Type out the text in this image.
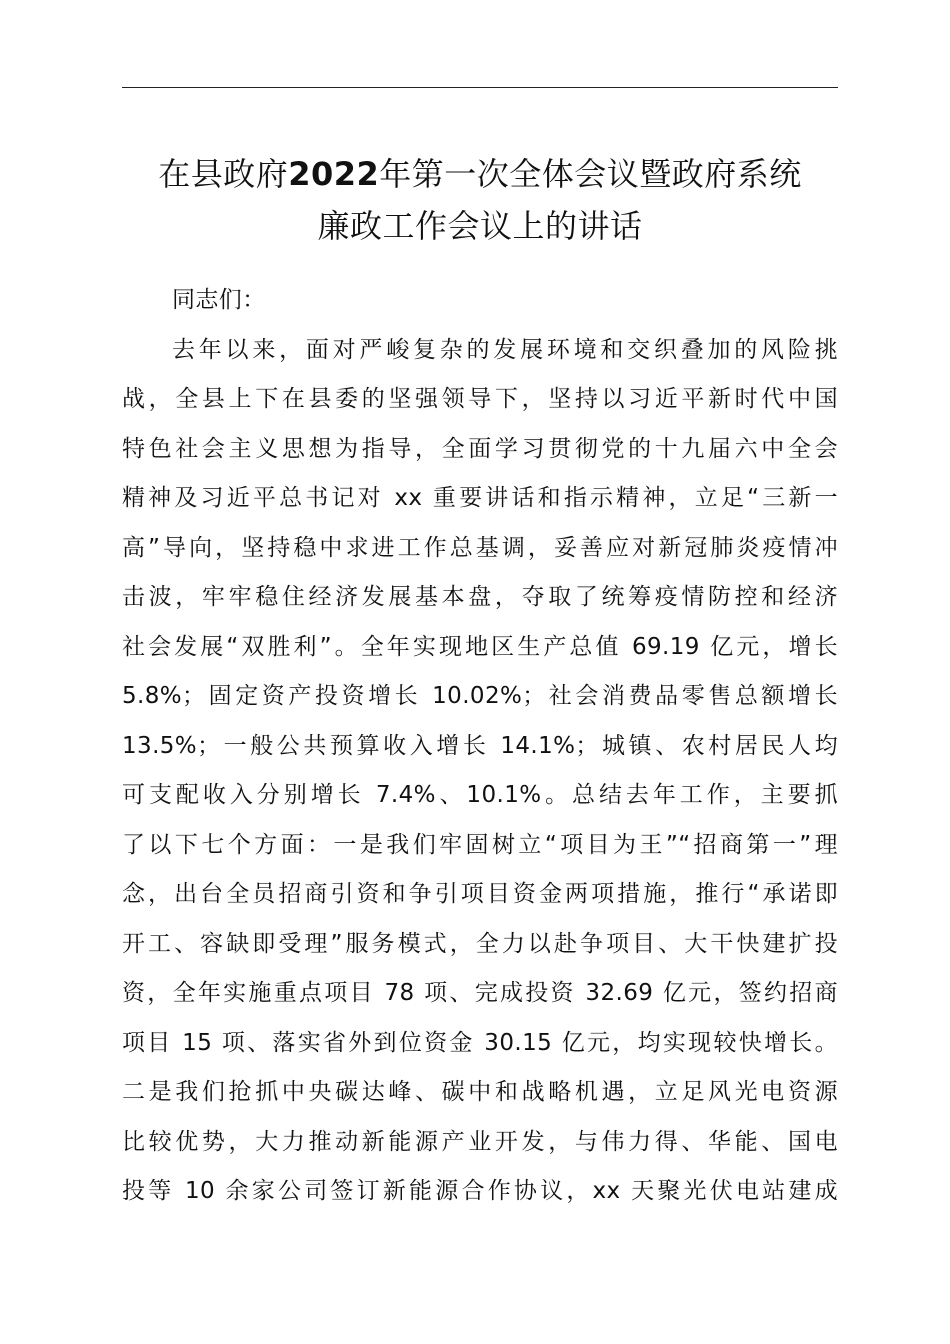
在县政府2022年第一次全体会议暨政府系统
廉政工作会议上的讲话
同志们：
去年以来，面对严峻复杂的发展环境和交织叠加的风险挑
战，全县上下在县委的坚强领导下，坚持以习近平新时代中国
特色社会主义思想为指导，全面学习贯彻党的十九届六中全会
精神及习近平总书记对 xx 重要讲话和指示精神，立足“三新一
高”导向，坚持稳中求进工作总基调，妥善应对新冠肺炎疫情冲
击波，牢牢稳住经济发展基本盘，夺取了统筹疫情防控和经济
社会发展“双胜利”。全年实现地区生产总值 69.19 亿元，增长
5.8%；固定资产投资增长 10.02%；社会消费品零售总额增长
13.5%；一般公共预算收入增长 14.1%；城镇、农村居民人均
可支配收入分别增长 7.4%、10.1%。总结去年工作，主要抓
了以下七个方面：一是我们牢固树立“项目为王”“招商第一”理
念，出台全员招商引资和争引项目资金两项措施，推行“承诺即
开工、容缺即受理”服务模式，全力以赴争项目、大干快建扩投
资，全年实施重点项目 78 项、完成投资 32.69 亿元，签约招商
项目 15 项、落实省外到位资金 30.15 亿元，均实现较快增长。
二是我们抢抓中央碳达峰、碳中和战略机遇，立足风光电资源
比较优势，大力推动新能源产业开发，与伟力得、华能、国电
投等 10 余家公司签订新能源合作协议，xx 天聚光伏电站建成
